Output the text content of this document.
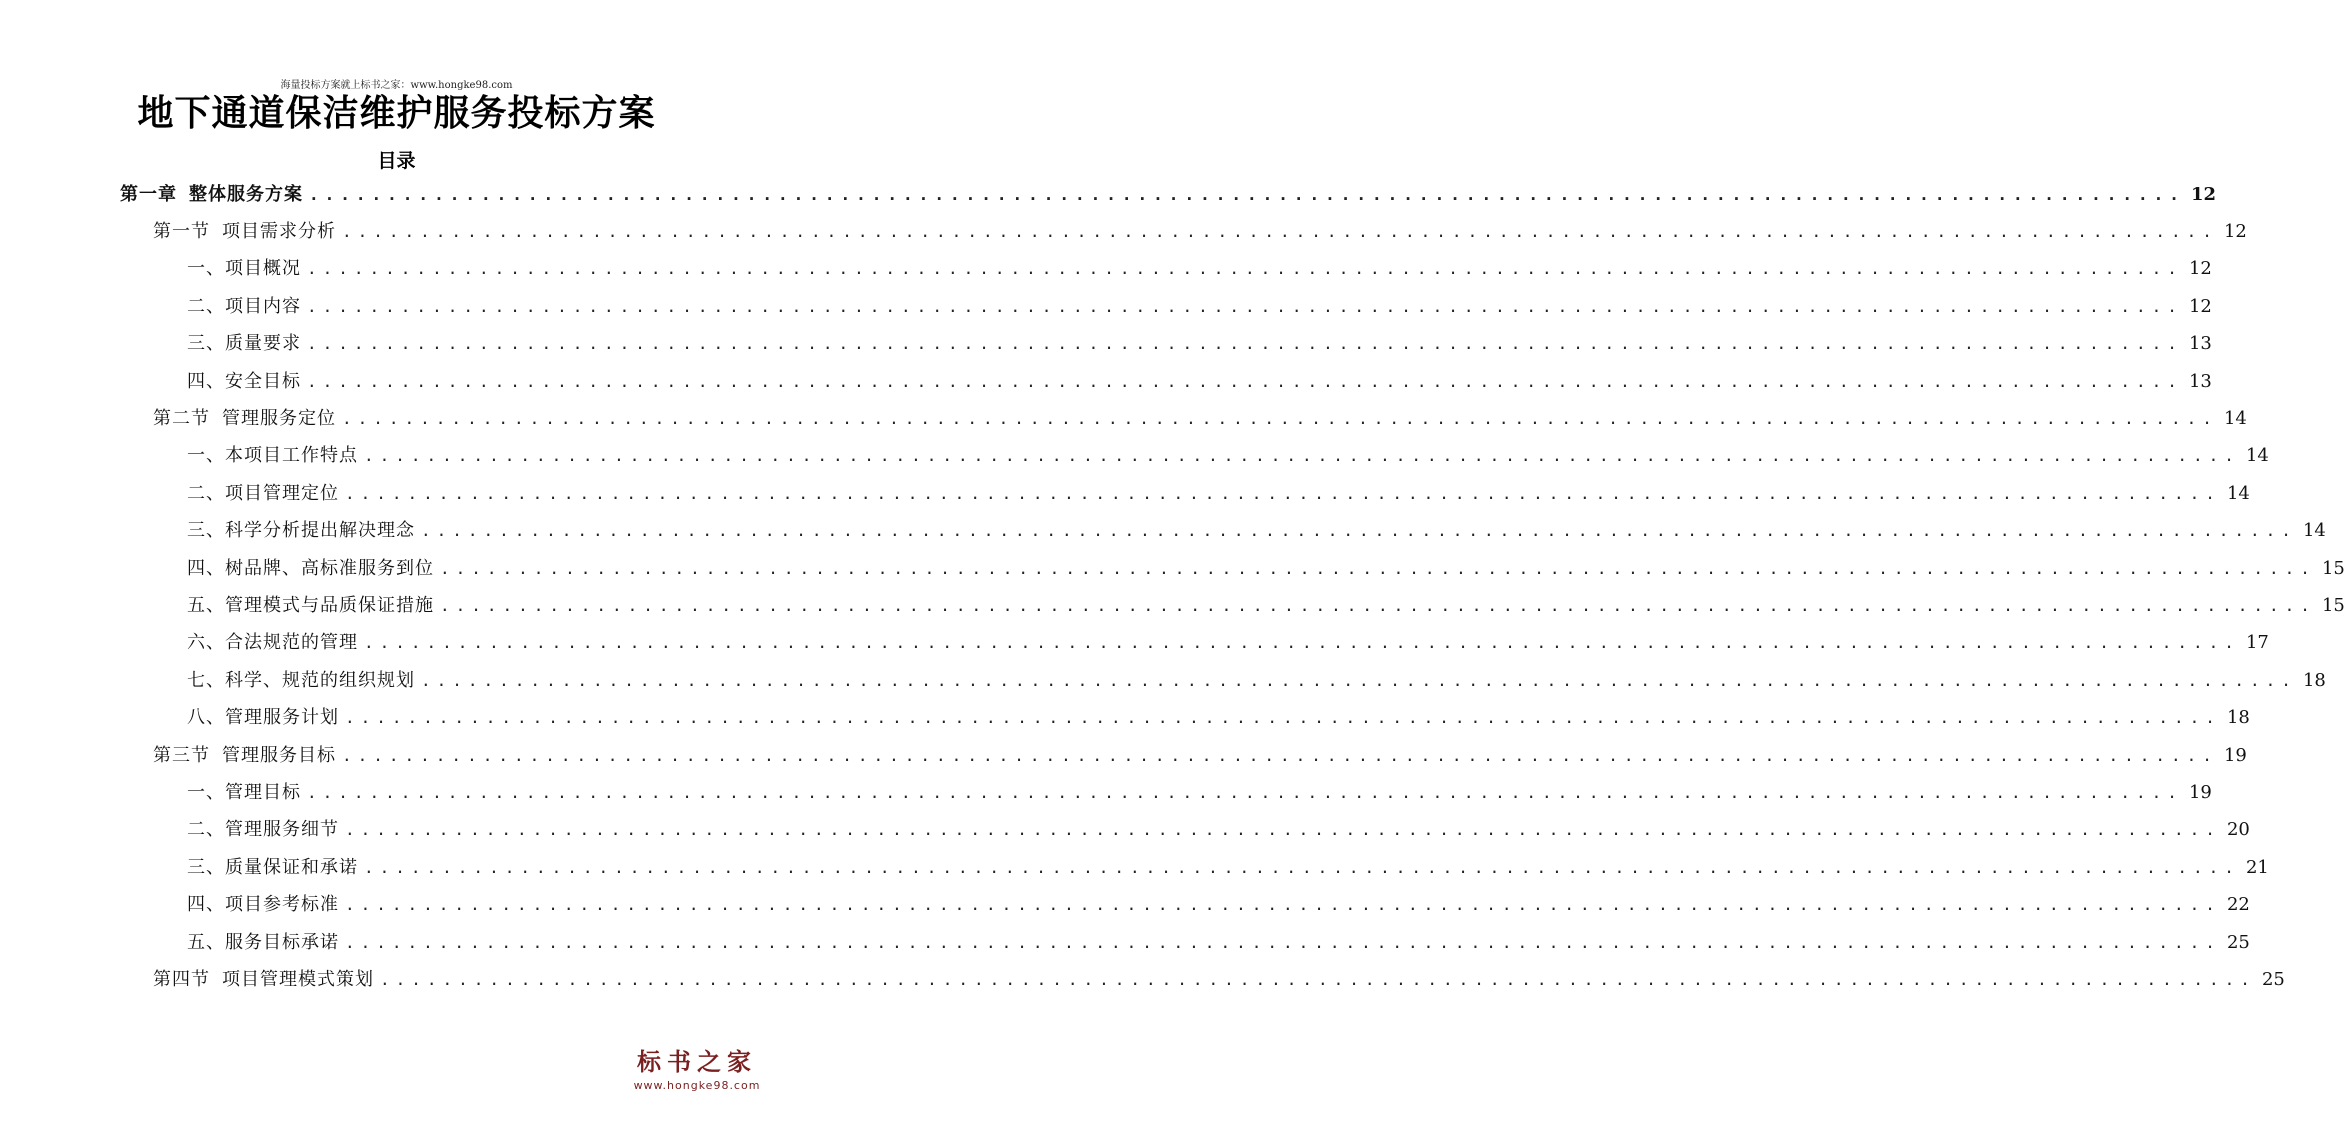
海量投标方案就上标书之家：www.hongke98.com
地下通道保洁维护服务投标方案
目录
第一章 整体服务方案 ........................................................................................................................ 12
第一节 项目需求分析 ........................................................................................................................ 12
一、项目概况 ........................................................................................................................ 12
二、项目内容 ........................................................................................................................ 12
三、质量要求 ........................................................................................................................ 13
四、安全目标 ........................................................................................................................ 13
第二节 管理服务定位 ........................................................................................................................ 14
一、本项目工作特点 ........................................................................................................................ 14
二、项目管理定位 ........................................................................................................................ 14
三、科学分析提出解决理念 ........................................................................................................................ 14
四、树品牌、高标准服务到位 ........................................................................................................................ 15
五、管理模式与品质保证措施 ........................................................................................................................ 15
六、合法规范的管理 ........................................................................................................................ 17
七、科学、规范的组织规划 ........................................................................................................................ 18
八、管理服务计划 ........................................................................................................................ 18
第三节 管理服务目标 ........................................................................................................................ 19
一、管理目标 ........................................................................................................................ 19
二、管理服务细节 ........................................................................................................................ 20
三、质量保证和承诺 ........................................................................................................................ 21
四、项目参考标准 ........................................................................................................................ 22
五、服务目标承诺 ........................................................................................................................ 25
第四节 项目管理模式策划 ........................................................................................................................ 25
标书之家
www.hongke98.com
